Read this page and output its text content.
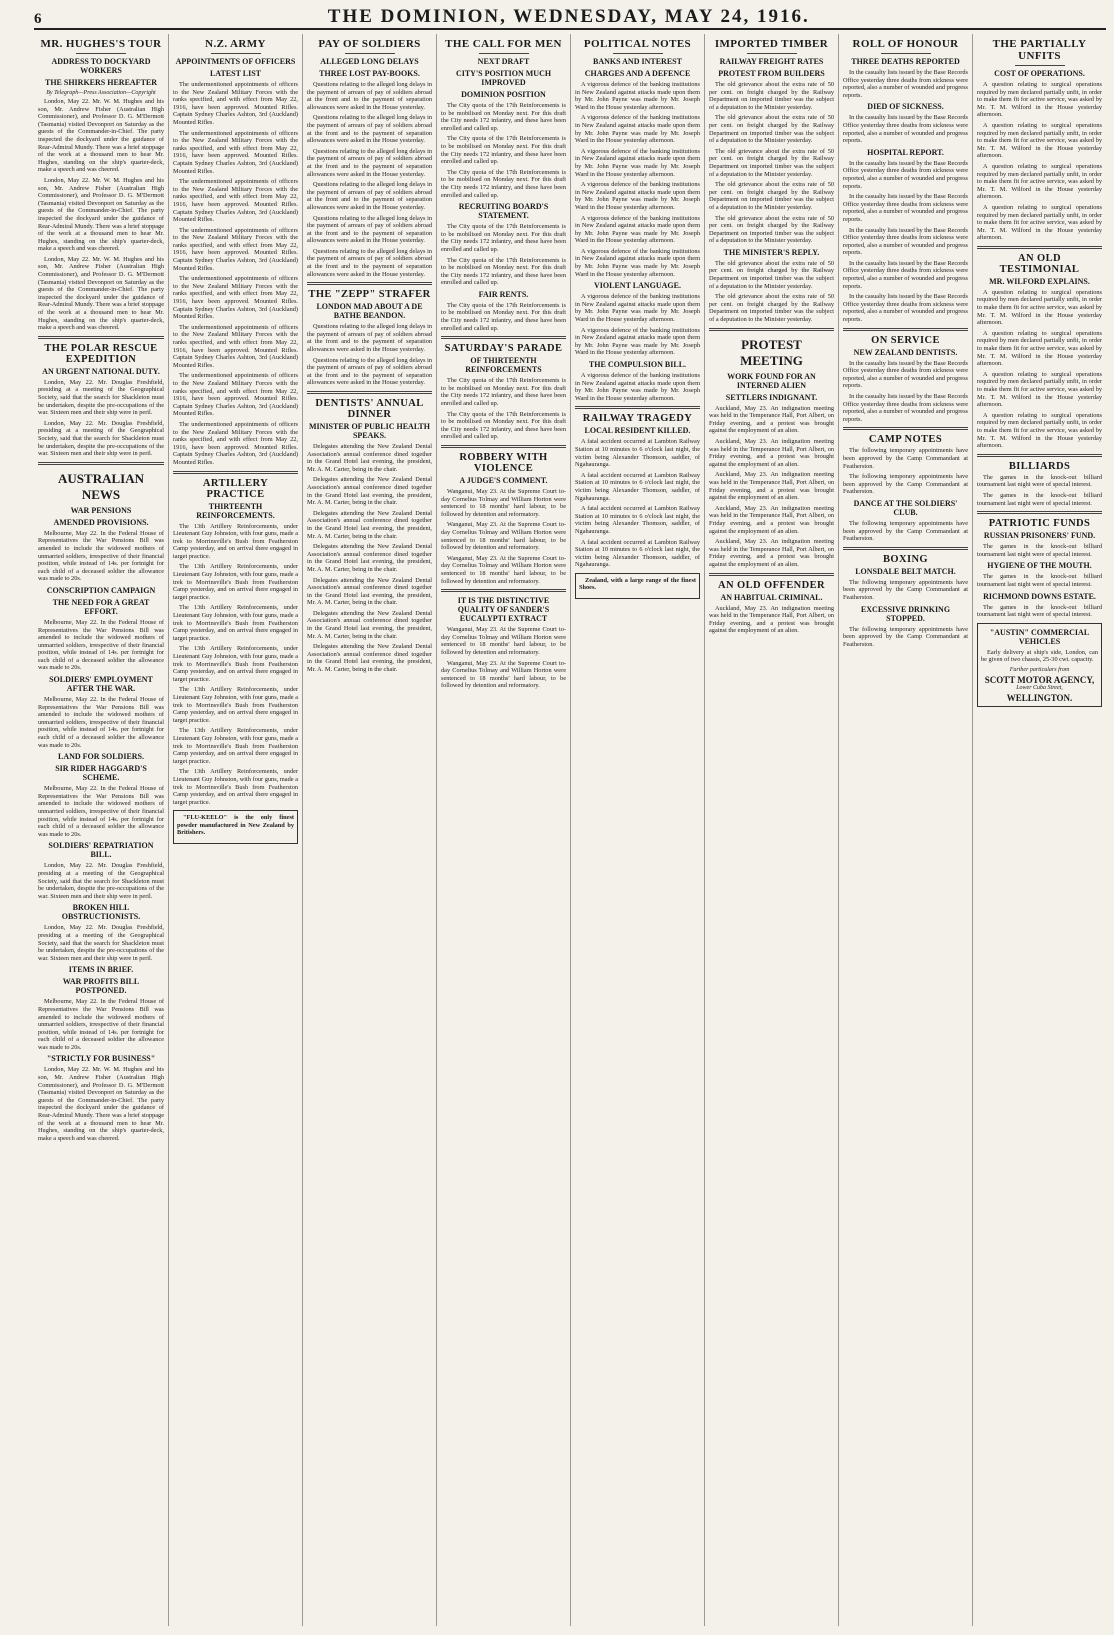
6	THE DOMINION, WEDNESDAY, MAY 24, 1916.
MR. HUGHES'S TOUR
ADDRESS TO DOCKYARD WORKERS
THE SHIRKERS HEREAFTER
By Telegraph—Press Association—Copyright

London, May 22. Mr. W. M. Hughes and his son, Mr. Andrew Fisher (Australian High Commissioner), and Professor D. G. M'Dermott (Tasmania) visited Devonport on Saturday as the guests of the Commander-in-Chief. The party inspected the dockyard under the guidance of Rear-Admiral Mundy. There was a brief stoppage of the work at a thousand men to hear Mr. Hughes, standing on the ship's quarter-deck, make a speech and was cheered.

London, May 22. Mr. W. M. Hughes and his son, Mr. Andrew Fisher (Australian High Commissioner), and Professor D. G. M'Dermott (Tasmania) visited Devonport on Saturday as the guests of the Commander-in-Chief. The party inspected the dockyard under the guidance of Rear-Admiral Mundy. There was a brief stoppage of the work at a thousand men to hear Mr. Hughes, standing on the ship's quarter-deck, make a speech and was cheered.

London, May 22. Mr. W. M. Hughes and his son, Mr. Andrew Fisher (Australian High Commissioner), and Professor D. G. M'Dermott (Tasmania) visited Devonport on Saturday as the guests of the Commander-in-Chief. The party inspected the dockyard under the guidance of Rear-Admiral Mundy. There was a brief stoppage of the work at a thousand men to hear Mr. Hughes, standing on the ship's quarter-deck, make a speech and was cheered.

THE POLAR RESCUE EXPEDITION
AN URGENT NATIONAL DUTY.

London, May 22. Mr. Douglas Freshfield, presiding at a meeting of the Geographical Society, said that the search for Shackleton must be undertaken, despite the pre-occupations of the war. Sixteen men and their ship were in peril.

London, May 22. Mr. Douglas Freshfield, presiding at a meeting of the Geographical Society, said that the search for Shackleton must be undertaken, despite the pre-occupations of the war. Sixteen men and their ship were in peril.

AUSTRALIAN NEWS
WAR PENSIONS
AMENDED PROVISIONS.

Melbourne, May 22. In the Federal House of Representatives the War Pensions Bill was amended to include the widowed mothers of unmarried soldiers, irrespective of their financial position, while instead of 14s. per fortnight for each child of a deceased soldier the allowance was made to 20s.

CONSCRIPTION CAMPAIGN
THE NEED FOR A GREAT EFFORT.

Melbourne, May 22. In the Federal House of Representatives the War Pensions Bill was amended to include the widowed mothers of unmarried soldiers, irrespective of their financial position, while instead of 14s. per fortnight for each child of a deceased soldier the allowance was made to 20s.

SOLDIERS' EMPLOYMENT AFTER THE WAR.

Melbourne, May 22. In the Federal House of Representatives the War Pensions Bill was amended to include the widowed mothers of unmarried soldiers, irrespective of their financial position, while instead of 14s. per fortnight for each child of a deceased soldier the allowance was made to 20s.

LAND FOR SOLDIERS.
SIR RIDER HAGGARD'S SCHEME.

Melbourne, May 22. In the Federal House of Representatives the War Pensions Bill was amended to include the widowed mothers of unmarried soldiers, irrespective of their financial position, while instead of 14s. per fortnight for each child of a deceased soldier the allowance was made to 20s.

SOLDIERS' REPATRIATION BILL.

London, May 22. Mr. Douglas Freshfield, presiding at a meeting of the Geographical Society, said that the search for Shackleton must be undertaken, despite the pre-occupations of the war. Sixteen men and their ship were in peril.

BROKEN HILL OBSTRUCTIONISTS.

London, May 22. Mr. Douglas Freshfield, presiding at a meeting of the Geographical Society, said that the search for Shackleton must be undertaken, despite the pre-occupations of the war. Sixteen men and their ship were in peril.

ITEMS IN BRIEF.
WAR PROFITS BILL POSTPONED.

Melbourne, May 22. In the Federal House of Representatives the War Pensions Bill was amended to include the widowed mothers of unmarried soldiers, irrespective of their financial position, while instead of 14s. per fortnight for each child of a deceased soldier the allowance was made to 20s.

"STRICTLY FOR BUSINESS"

London, May 22. Mr. W. M. Hughes and his son, Mr. Andrew Fisher (Australian High Commissioner), and Professor D. G. M'Dermott (Tasmania) visited Devonport on Saturday as the guests of the Commander-in-Chief. The party inspected the dockyard under the guidance of Rear-Admiral Mundy. There was a brief stoppage of the work at a thousand men to hear Mr. Hughes, standing on the ship's quarter-deck, make a speech and was cheered.

N.Z. ARMY
APPOINTMENTS OF OFFICERS
LATEST LIST

The undermentioned appointments of officers to the New Zealand Military Forces with the ranks specified, and with effect from May 22, 1916, have been approved. Mounted Rifles. Captain Sydney Charles Ashton, 3rd (Auckland) Mounted Rifles.

The undermentioned appointments of officers to the New Zealand Military Forces with the ranks specified, and with effect from May 22, 1916, have been approved. Mounted Rifles. Captain Sydney Charles Ashton, 3rd (Auckland) Mounted Rifles.

The undermentioned appointments of officers to the New Zealand Military Forces with the ranks specified, and with effect from May 22, 1916, have been approved. Mounted Rifles. Captain Sydney Charles Ashton, 3rd (Auckland) Mounted Rifles.

The undermentioned appointments of officers to the New Zealand Military Forces with the ranks specified, and with effect from May 22, 1916, have been approved. Mounted Rifles. Captain Sydney Charles Ashton, 3rd (Auckland) Mounted Rifles.

The undermentioned appointments of officers to the New Zealand Military Forces with the ranks specified, and with effect from May 22, 1916, have been approved. Mounted Rifles. Captain Sydney Charles Ashton, 3rd (Auckland) Mounted Rifles.

The undermentioned appointments of officers to the New Zealand Military Forces with the ranks specified, and with effect from May 22, 1916, have been approved. Mounted Rifles. Captain Sydney Charles Ashton, 3rd (Auckland) Mounted Rifles.

The undermentioned appointments of officers to the New Zealand Military Forces with the ranks specified, and with effect from May 22, 1916, have been approved. Mounted Rifles. Captain Sydney Charles Ashton, 3rd (Auckland) Mounted Rifles.

The undermentioned appointments of officers to the New Zealand Military Forces with the ranks specified, and with effect from May 22, 1916, have been approved. Mounted Rifles. Captain Sydney Charles Ashton, 3rd (Auckland) Mounted Rifles.

ARTILLERY PRACTICE
THIRTEENTH REINFORCEMENTS.

The 13th Artillery Reinforcements, under Lieutenant Guy Johnston, with four guns, made a trek to Morrinsville's Bush from Featherston Camp yesterday, and on arrival there engaged in target practice.

The 13th Artillery Reinforcements, under Lieutenant Guy Johnston, with four guns, made a trek to Morrinsville's Bush from Featherston Camp yesterday, and on arrival there engaged in target practice.

The 13th Artillery Reinforcements, under Lieutenant Guy Johnston, with four guns, made a trek to Morrinsville's Bush from Featherston Camp yesterday, and on arrival there engaged in target practice.

The 13th Artillery Reinforcements, under Lieutenant Guy Johnston, with four guns, made a trek to Morrinsville's Bush from Featherston Camp yesterday, and on arrival there engaged in target practice.

The 13th Artillery Reinforcements, under Lieutenant Guy Johnston, with four guns, made a trek to Morrinsville's Bush from Featherston Camp yesterday, and on arrival there engaged in target practice.

The 13th Artillery Reinforcements, under Lieutenant Guy Johnston, with four guns, made a trek to Morrinsville's Bush from Featherston Camp yesterday, and on arrival there engaged in target practice.

The 13th Artillery Reinforcements, under Lieutenant Guy Johnston, with four guns, made a trek to Morrinsville's Bush from Featherston Camp yesterday, and on arrival there engaged in target practice.

"FLU-KEELO" is the only finest powder manufactured in New Zealand by Britishers.

PAY OF SOLDIERS
ALLEGED LONG DELAYS
THREE LOST PAY-BOOKS.

Questions relating to the alleged long delays in the payment of arrears of pay of soldiers abroad at the front and to the payment of separation allowances were asked in the House yesterday.

Questions relating to the alleged long delays in the payment of arrears of pay of soldiers abroad at the front and to the payment of separation allowances were asked in the House yesterday.

Questions relating to the alleged long delays in the payment of arrears of pay of soldiers abroad at the front and to the payment of separation allowances were asked in the House yesterday.

Questions relating to the alleged long delays in the payment of arrears of pay of soldiers abroad at the front and to the payment of separation allowances were asked in the House yesterday.

Questions relating to the alleged long delays in the payment of arrears of pay of soldiers abroad at the front and to the payment of separation allowances were asked in the House yesterday.

Questions relating to the alleged long delays in the payment of arrears of pay of soldiers abroad at the front and to the payment of separation allowances were asked in the House yesterday.

THE "ZEPP" STRAFER
LONDON MAD ABOUT A DE BATHE BEANDON.

Questions relating to the alleged long delays in the payment of arrears of pay of soldiers abroad at the front and to the payment of separation allowances were asked in the House yesterday.

Questions relating to the alleged long delays in the payment of arrears of pay of soldiers abroad at the front and to the payment of separation allowances were asked in the House yesterday.

DENTISTS' ANNUAL DINNER
MINISTER OF PUBLIC HEALTH SPEAKS.

Delegates attending the New Zealand Dental Association's annual conference dined together in the Grand Hotel last evening, the president, Mr. A. M. Carter, being in the chair.

Delegates attending the New Zealand Dental Association's annual conference dined together in the Grand Hotel last evening, the president, Mr. A. M. Carter, being in the chair.

Delegates attending the New Zealand Dental Association's annual conference dined together in the Grand Hotel last evening, the president, Mr. A. M. Carter, being in the chair.

Delegates attending the New Zealand Dental Association's annual conference dined together in the Grand Hotel last evening, the president, Mr. A. M. Carter, being in the chair.

Delegates attending the New Zealand Dental Association's annual conference dined together in the Grand Hotel last evening, the president, Mr. A. M. Carter, being in the chair.

Delegates attending the New Zealand Dental Association's annual conference dined together in the Grand Hotel last evening, the president, Mr. A. M. Carter, being in the chair.

Delegates attending the New Zealand Dental Association's annual conference dined together in the Grand Hotel last evening, the president, Mr. A. M. Carter, being in the chair.

THE CALL FOR MEN
NEXT DRAFT
CITY'S POSITION MUCH IMPROVED
DOMINION POSITION

The City quota of the 17th Reinforcements is to be mobilised on Monday next. For this draft the City needs 172 infantry, and these have been enrolled and called up.

The City quota of the 17th Reinforcements is to be mobilised on Monday next. For this draft the City needs 172 infantry, and these have been enrolled and called up.

The City quota of the 17th Reinforcements is to be mobilised on Monday next. For this draft the City needs 172 infantry, and these have been enrolled and called up.

RECRUITING BOARD'S STATEMENT.

The City quota of the 17th Reinforcements is to be mobilised on Monday next. For this draft the City needs 172 infantry, and these have been enrolled and called up.

The City quota of the 17th Reinforcements is to be mobilised on Monday next. For this draft the City needs 172 infantry, and these have been enrolled and called up.

FAIR RENTS.

The City quota of the 17th Reinforcements is to be mobilised on Monday next. For this draft the City needs 172 infantry, and these have been enrolled and called up.

SATURDAY'S PARADE
OF THIRTEENTH REINFORCEMENTS

The City quota of the 17th Reinforcements is to be mobilised on Monday next. For this draft the City needs 172 infantry, and these have been enrolled and called up.

The City quota of the 17th Reinforcements is to be mobilised on Monday next. For this draft the City needs 172 infantry, and these have been enrolled and called up.

ROBBERY WITH VIOLENCE
A JUDGE'S COMMENT.

Wanganui, May 23. At the Supreme Court to-day Cornelius Tolmay and William Horton were sentenced to 18 months' hard labour, to be followed by detention and reformatory.

Wanganui, May 23. At the Supreme Court to-day Cornelius Tolmay and William Horton were sentenced to 18 months' hard labour, to be followed by detention and reformatory.

Wanganui, May 23. At the Supreme Court to-day Cornelius Tolmay and William Horton were sentenced to 18 months' hard labour, to be followed by detention and reformatory.

IT IS THE DISTINCTIVE QUALITY OF SANDER'S EUCALYPTI EXTRACT

Wanganui, May 23. At the Supreme Court to-day Cornelius Tolmay and William Horton were sentenced to 18 months' hard labour, to be followed by detention and reformatory.

Wanganui, May 23. At the Supreme Court to-day Cornelius Tolmay and William Horton were sentenced to 18 months' hard labour, to be followed by detention and reformatory.

POLITICAL NOTES
BANKS AND INTEREST
CHARGES AND A DEFENCE

A vigorous defence of the banking institutions in New Zealand against attacks made upon them by Mr. John Payne was made by Mr. Joseph Ward in the House yesterday afternoon.

A vigorous defence of the banking institutions in New Zealand against attacks made upon them by Mr. John Payne was made by Mr. Joseph Ward in the House yesterday afternoon.

A vigorous defence of the banking institutions in New Zealand against attacks made upon them by Mr. John Payne was made by Mr. Joseph Ward in the House yesterday afternoon.

A vigorous defence of the banking institutions in New Zealand against attacks made upon them by Mr. John Payne was made by Mr. Joseph Ward in the House yesterday afternoon.

A vigorous defence of the banking institutions in New Zealand against attacks made upon them by Mr. John Payne was made by Mr. Joseph Ward in the House yesterday afternoon.

A vigorous defence of the banking institutions in New Zealand against attacks made upon them by Mr. John Payne was made by Mr. Joseph Ward in the House yesterday afternoon.

VIOLENT LANGUAGE.

A vigorous defence of the banking institutions in New Zealand against attacks made upon them by Mr. John Payne was made by Mr. Joseph Ward in the House yesterday afternoon.

A vigorous defence of the banking institutions in New Zealand against attacks made upon them by Mr. John Payne was made by Mr. Joseph Ward in the House yesterday afternoon.

THE COMPULSION BILL.

A vigorous defence of the banking institutions in New Zealand against attacks made upon them by Mr. John Payne was made by Mr. Joseph Ward in the House yesterday afternoon.

RAILWAY TRAGEDY
LOCAL RESIDENT KILLED.

A fatal accident occurred at Lambton Railway Station at 10 minutes to 6 o'clock last night, the victim being Alexander Thomson, saddler, of Ngahauranga.

A fatal accident occurred at Lambton Railway Station at 10 minutes to 6 o'clock last night, the victim being Alexander Thomson, saddler, of Ngahauranga.

A fatal accident occurred at Lambton Railway Station at 10 minutes to 6 o'clock last night, the victim being Alexander Thomson, saddler, of Ngahauranga.

A fatal accident occurred at Lambton Railway Station at 10 minutes to 6 o'clock last night, the victim being Alexander Thomson, saddler, of Ngahauranga.

Zealand, with a large range of the finest Shoes.

IMPORTED TIMBER
RAILWAY FREIGHT RATES
PROTEST FROM BUILDERS

The old grievance about the extra rate of 50 per cent. on freight charged by the Railway Department on imported timber was the subject of a deputation to the Minister yesterday.

The old grievance about the extra rate of 50 per cent. on freight charged by the Railway Department on imported timber was the subject of a deputation to the Minister yesterday.

The old grievance about the extra rate of 50 per cent. on freight charged by the Railway Department on imported timber was the subject of a deputation to the Minister yesterday.

The old grievance about the extra rate of 50 per cent. on freight charged by the Railway Department on imported timber was the subject of a deputation to the Minister yesterday.

The old grievance about the extra rate of 50 per cent. on freight charged by the Railway Department on imported timber was the subject of a deputation to the Minister yesterday.

THE MINISTER'S REPLY.

The old grievance about the extra rate of 50 per cent. on freight charged by the Railway Department on imported timber was the subject of a deputation to the Minister yesterday.

The old grievance about the extra rate of 50 per cent. on freight charged by the Railway Department on imported timber was the subject of a deputation to the Minister yesterday.

PROTEST MEETING
WORK FOUND FOR AN INTERNED ALIEN
SETTLERS INDIGNANT.

Auckland, May 23. An indignation meeting was held in the Temperance Hall, Port Albert, on Friday evening, and a protest was brought against the employment of an alien.

Auckland, May 23. An indignation meeting was held in the Temperance Hall, Port Albert, on Friday evening, and a protest was brought against the employment of an alien.

Auckland, May 23. An indignation meeting was held in the Temperance Hall, Port Albert, on Friday evening, and a protest was brought against the employment of an alien.

Auckland, May 23. An indignation meeting was held in the Temperance Hall, Port Albert, on Friday evening, and a protest was brought against the employment of an alien.

Auckland, May 23. An indignation meeting was held in the Temperance Hall, Port Albert, on Friday evening, and a protest was brought against the employment of an alien.

AN OLD OFFENDER
AN HABITUAL CRIMINAL.

Auckland, May 23. An indignation meeting was held in the Temperance Hall, Port Albert, on Friday evening, and a protest was brought against the employment of an alien.

ROLL OF HONOUR
THREE DEATHS REPORTED

In the casualty lists issued by the Base Records Office yesterday three deaths from sickness were reported, also a number of wounded and progress reports.

DIED OF SICKNESS.

In the casualty lists issued by the Base Records Office yesterday three deaths from sickness were reported, also a number of wounded and progress reports.

HOSPITAL REPORT.

In the casualty lists issued by the Base Records Office yesterday three deaths from sickness were reported, also a number of wounded and progress reports.

In the casualty lists issued by the Base Records Office yesterday three deaths from sickness were reported, also a number of wounded and progress reports.

In the casualty lists issued by the Base Records Office yesterday three deaths from sickness were reported, also a number of wounded and progress reports.

In the casualty lists issued by the Base Records Office yesterday three deaths from sickness were reported, also a number of wounded and progress reports.

In the casualty lists issued by the Base Records Office yesterday three deaths from sickness were reported, also a number of wounded and progress reports.

ON SERVICE
NEW ZEALAND DENTISTS.

In the casualty lists issued by the Base Records Office yesterday three deaths from sickness were reported, also a number of wounded and progress reports.

In the casualty lists issued by the Base Records Office yesterday three deaths from sickness were reported, also a number of wounded and progress reports.

CAMP NOTES

The following temporary appointments have been approved by the Camp Commandant at Featherston.

The following temporary appointments have been approved by the Camp Commandant at Featherston.

DANCE AT THE SOLDIERS' CLUB.

The following temporary appointments have been approved by the Camp Commandant at Featherston.

BOXING
LONSDALE BELT MATCH.

The following temporary appointments have been approved by the Camp Commandant at Featherston.

EXCESSIVE DRINKING STOPPED.

The following temporary appointments have been approved by the Camp Commandant at Featherston.

THE PARTIALLY UNFITS
COST OF OPERATIONS.

A question relating to surgical operations required by men declared partially unfit, in order to make them fit for active service, was asked by Mr. T. M. Wilford in the House yesterday afternoon.

A question relating to surgical operations required by men declared partially unfit, in order to make them fit for active service, was asked by Mr. T. M. Wilford in the House yesterday afternoon.

A question relating to surgical operations required by men declared partially unfit, in order to make them fit for active service, was asked by Mr. T. M. Wilford in the House yesterday afternoon.

A question relating to surgical operations required by men declared partially unfit, in order to make them fit for active service, was asked by Mr. T. M. Wilford in the House yesterday afternoon.

AN OLD TESTIMONIAL
MR. WILFORD EXPLAINS.

A question relating to surgical operations required by men declared partially unfit, in order to make them fit for active service, was asked by Mr. T. M. Wilford in the House yesterday afternoon.

A question relating to surgical operations required by men declared partially unfit, in order to make them fit for active service, was asked by Mr. T. M. Wilford in the House yesterday afternoon.

A question relating to surgical operations required by men declared partially unfit, in order to make them fit for active service, was asked by Mr. T. M. Wilford in the House yesterday afternoon.

A question relating to surgical operations required by men declared partially unfit, in order to make them fit for active service, was asked by Mr. T. M. Wilford in the House yesterday afternoon.

BILLIARDS

The games in the knock-out billiard tournament last night were of special interest.

The games in the knock-out billiard tournament last night were of special interest.

PATRIOTIC FUNDS
RUSSIAN PRISONERS' FUND.

The games in the knock-out billiard tournament last night were of special interest.

HYGIENE OF THE MOUTH.

The games in the knock-out billiard tournament last night were of special interest.

RICHMOND DOWNS ESTATE.

The games in the knock-out billiard tournament last night were of special interest.

"AUSTIN" COMMERCIAL VEHICLES

Early delivery at ship's side, London, can be given of two chassis, 25-30 cwt. capacity.

Further particulars from
SCOTT MOTOR AGENCY,
Lower Cuba Street,
WELLINGTON.
